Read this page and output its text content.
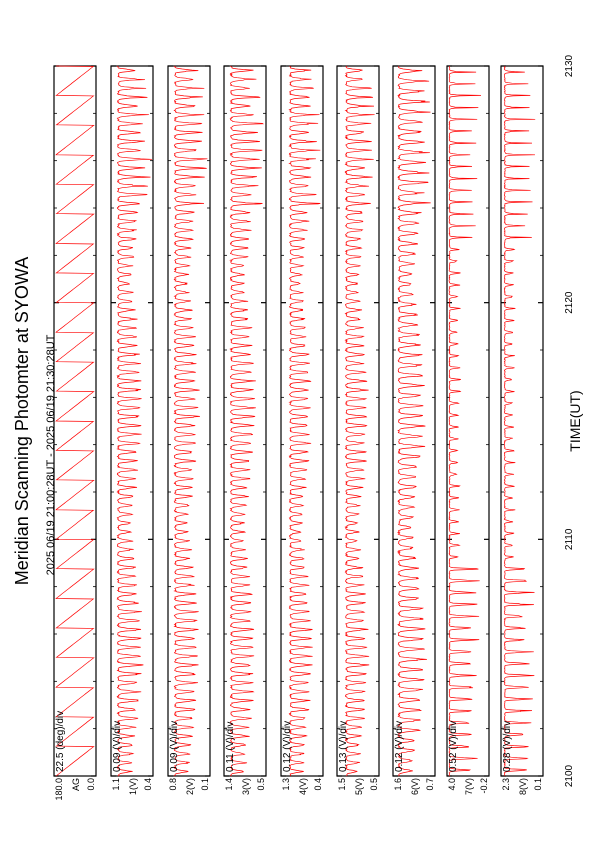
Meridian Scanning Photomter at SYOWA 2025 06/19 21:00:28UT - 2025 06/19 21:30:28UT	TIME(UT)
2100
2110
2120
2130
180.0 AG 0.0
22.5 (deg)/div
1.1 1(V) 0.4
0.09 (V)/div
0.8 2(V) 0.1
0.09 (V)/div
1.4 3(V) 0.5
0.11 (V)/div
1.3 4(V) 0.4
0.12 (V)/div
1.5 5(V) 0.5
0.13 (V)/div
1.6 6(V) 0.7
0.12 (V)/div
4.0 7(V) -0.2
0.52 (V)/div
2.3 8(V) 0.1
0.28 (V)/div
